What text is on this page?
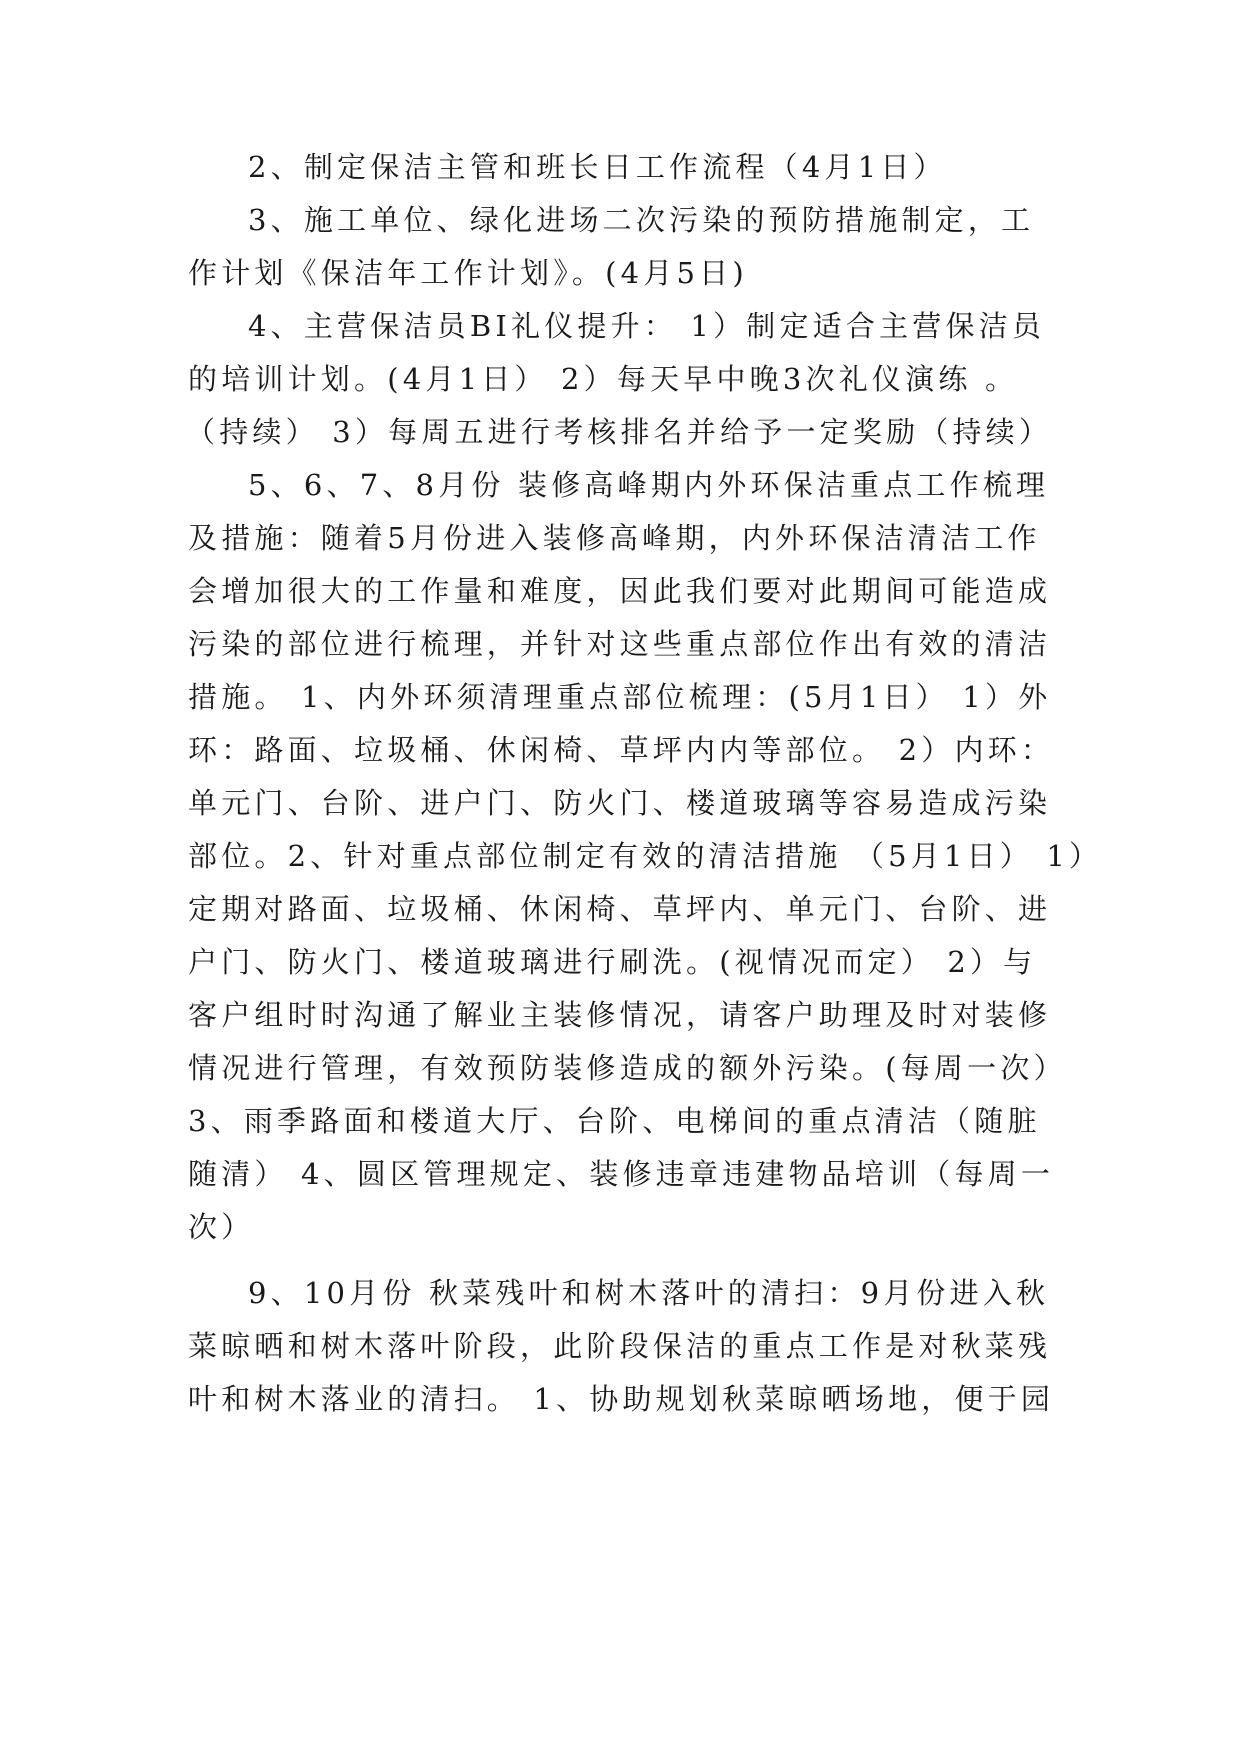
2、制定保洁主管和班长日工作流程（4月1日）
3、施工单位、绿化进场二次污染的预防措施制定，工
作计划《保洁年工作计划》。(4月5日)
4、主营保洁员BI礼仪提升： 1）制定适合主营保洁员
的培训计划。(4月1日） 2）每天早中晚3次礼仪演练 。
（持续） 3）每周五进行考核排名并给予一定奖励（持续）
5、6、7、8月份 装修高峰期内外环保洁重点工作梳理
及措施：随着5月份进入装修高峰期，内外环保洁清洁工作
会增加很大的工作量和难度，因此我们要对此期间可能造成
污染的部位进行梳理，并针对这些重点部位作出有效的清洁
措施。 1、内外环须清理重点部位梳理：(5月1日） 1）外
环：路面、垃圾桶、休闲椅、草坪内内等部位。 2）内环：
单元门、台阶、进户门、防火门、楼道玻璃等容易造成污染
部位。2、针对重点部位制定有效的清洁措施 （5月1日） 1）
定期对路面、垃圾桶、休闲椅、草坪内、单元门、台阶、进
户门、防火门、楼道玻璃进行刷洗。(视情况而定） 2）与
客户组时时沟通了解业主装修情况，请客户助理及时对装修
情况进行管理，有效预防装修造成的额外污染。(每周一次）
3、雨季路面和楼道大厅、台阶、电梯间的重点清洁（随脏
随清） 4、圆区管理规定、装修违章违建物品培训（每周一
次）
9、10月份 秋菜残叶和树木落叶的清扫：9月份进入秋
菜晾晒和树木落叶阶段，此阶段保洁的重点工作是对秋菜残
叶和树木落业的清扫。 1、协助规划秋菜晾晒场地，便于园
